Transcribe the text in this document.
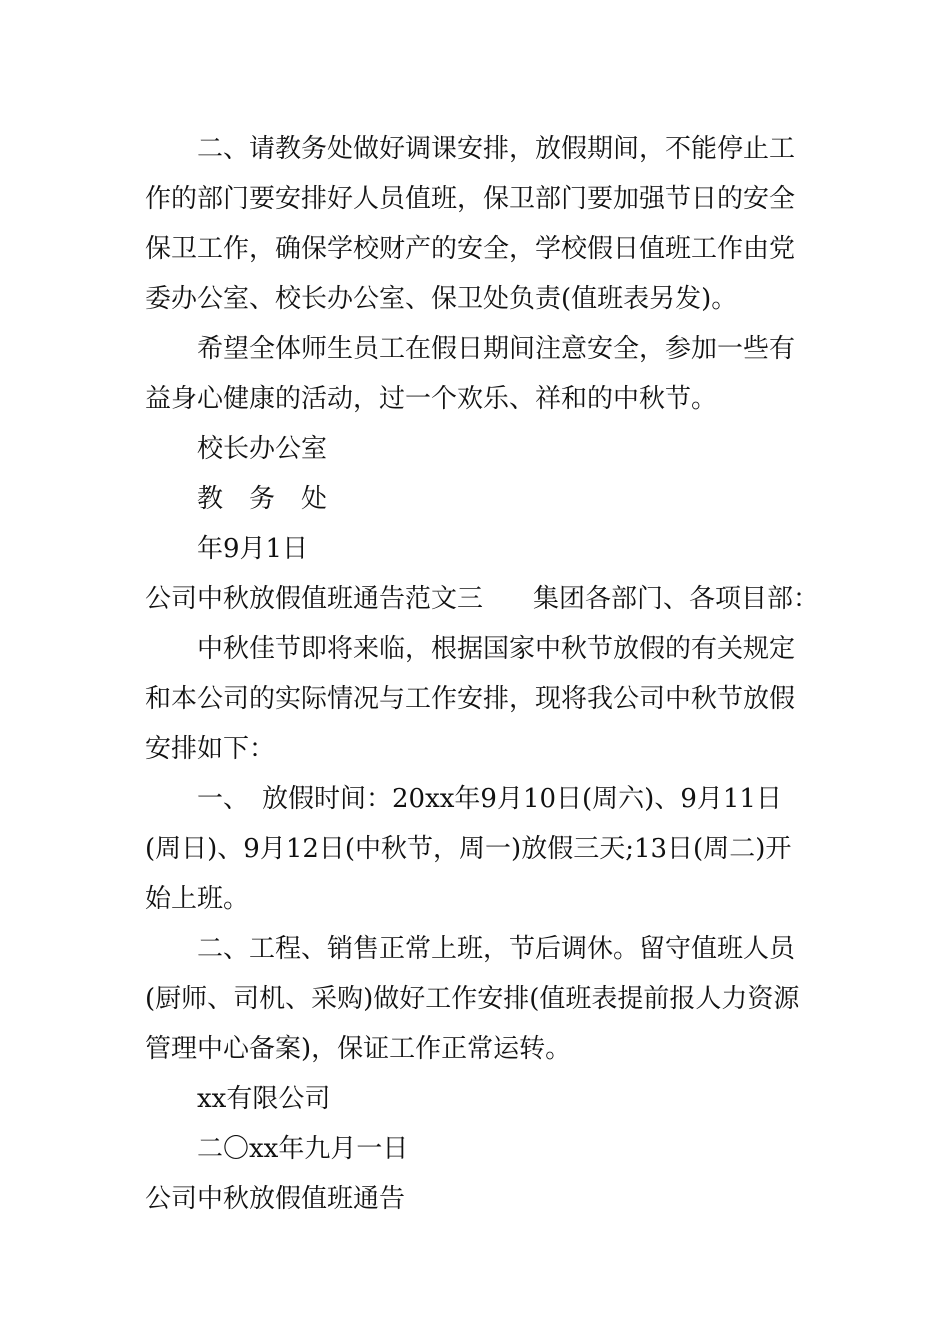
二、请教务处做好调课安排，放假期间，不能停止工
作的部门要安排好人员值班，保卫部门要加强节日的安全
保卫工作，确保学校财产的安全，学校假日值班工作由党
委办公室、校长办公室、保卫处负责(值班表另发)。
希望全体师生员工在假日期间注意安全，参加一些有
益身心健康的活动，过一个欢乐、祥和的中秋节。
校长办公室
教务处
年9月1日
公司中秋放假值班通告范文三 集团各部门、各项目部：
中秋佳节即将来临，根据国家中秋节放假的有关规定
和本公司的实际情况与工作安排，现将我公司中秋节放假
安排如下：
一、　放假时间：20xx年9月10日(周六)、9月11日
(周日)、9月12日(中秋节，周一)放假三天;13日(周二)开
始上班。
二、工程、销售正常上班，节后调休。留守值班人员
(厨师、司机、采购)做好工作安排(值班表提前报人力资源
管理中心备案)，保证工作正常运转。
xx有限公司
二〇xx年九月一日
公司中秋放假值班通告
